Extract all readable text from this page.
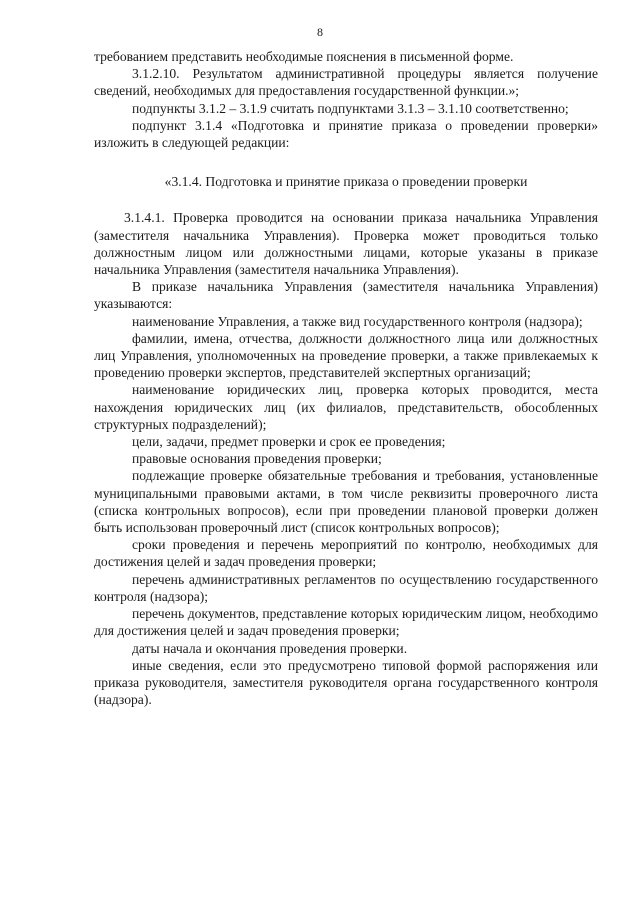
8

требованием представить необходимые пояснения в письменной форме.

3.1.2.10. Результатом административной процедуры является получение сведений, необходимых для предоставления государственной функции.»;

подпункты 3.1.2 – 3.1.9 считать подпунктами 3.1.3 – 3.1.10 соответственно;

подпункт 3.1.4 «Подготовка и принятие приказа о проведении проверки» изложить в следующей редакции:

«3.1.4. Подготовка и принятие приказа о проведении проверки

3.1.4.1. Проверка проводится на основании приказа начальника Управления (заместителя начальника Управления). Проверка может проводиться только должностным лицом или должностными лицами, которые указаны в приказе начальника Управления (заместителя начальника Управления).

В приказе начальника Управления (заместителя начальника Управления) указываются:

наименование Управления, а также вид государственного контроля (надзора);

фамилии, имена, отчества, должности должностного лица или должностных лиц Управления, уполномоченных на проведение проверки, а также привлекаемых к проведению проверки экспертов, представителей экспертных организаций;

наименование юридических лиц, проверка которых проводится, места нахождения юридических лиц (их филиалов, представительств, обособленных структурных подразделений);

цели, задачи, предмет проверки и срок ее проведения;

правовые основания проведения проверки;

подлежащие проверке обязательные требования и требования, установленные муниципальными правовыми актами, в том числе реквизиты проверочного листа (списка контрольных вопросов), если при проведении плановой проверки должен быть использован проверочный лист (список контрольных вопросов);

сроки проведения и перечень мероприятий по контролю, необходимых для достижения целей и задач проведения проверки;

перечень административных регламентов по осуществлению государственного контроля (надзора);

перечень документов, представление которых юридическим лицом, необходимо для достижения целей и задач проведения проверки;

даты начала и окончания проведения проверки.

иные сведения, если это предусмотрено типовой формой распоряжения или приказа руководителя, заместителя руководителя органа государственного контроля (надзора).
